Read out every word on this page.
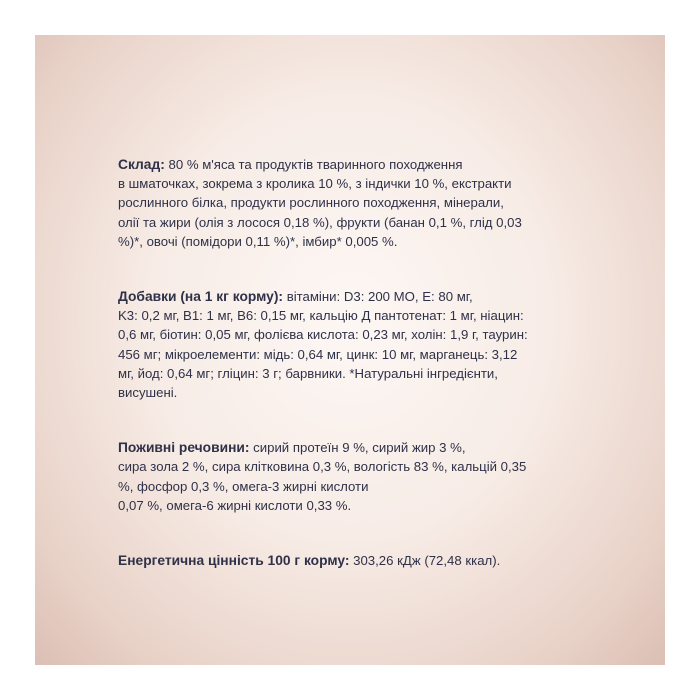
Склад: 80 % м'яса та продуктів тваринного походження
в шматочках, зокрема з кролика 10 %, з індички 10 %, екстракти
рослинного білка, продукти рослинного походження, мінерали,
олії та жири (олія з лосося 0,18 %), фрукти (банан 0,1 %, глід 0,03
%)*, овочі (помідори 0,11 %)*, імбир* 0,005 %.
Добавки (на 1 кг корму): вітаміни: D3: 200 МО, E: 80 мг,
K3: 0,2 мг, B1: 1 мг, B6: 0,15 мг, кальцію Д пантотенат: 1 мг, ніацин:
0,6 мг, біотин: 0,05 мг, фолієва кислота: 0,23 мг, холін: 1,9 г, таурин:
456 мг; мікроелементи: мідь: 0,64 мг, цинк: 10 мг, марганець: 3,12
мг, йод: 0,64 мг; гліцин: 3 г; барвники. *Натуральні інгредієнти,
висушені.
Поживні речовини: сирий протеїн 9 %, сирий жир 3 %,
сира зола 2 %, сира клітковина 0,3 %, вологість 83 %, кальцій 0,35
%, фосфор 0,3 %, омега-3 жирні кислоти
0,07 %, омега-6 жирні кислоти 0,33 %.
Енергетична цінність 100 г корму: 303,26 кДж (72,48 ккал).
